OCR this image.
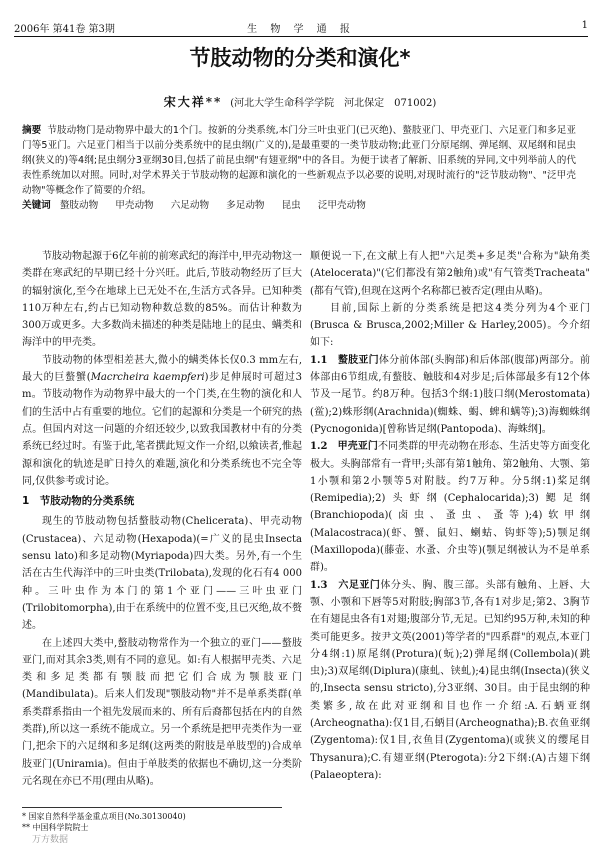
2006年 第41卷 第3期	生 物 学 通 报	1
节肢动物的分类和演化*
宋大祥** (河北大学生命科学学院　河北保定　071002)
摘要 节肢动物门是动物界中最大的1个门。按新的分类系统,本门分三叶虫亚门(已灭绝)、螯肢亚门、甲壳亚门、六足亚门和多足亚门等5亚门。六足亚门相当于以前分类系统中的昆虫纲(广义的),是最重要的一类节肢动物;此亚门分原尾纲、弹尾纲、双尾纲和昆虫纲(狭义的)等4纲;昆虫纲分3亚纲30目,包括了前昆虫纲"有翅亚纲"中的各目。为便于读者了解新、旧系统的异同,文中列举前人的代表性系统加以对照。同时,对学术界关于节肢动物的起源和演化的一些新观点予以必要的说明,对现时流行的"泛节肢动物"、"泛甲壳动物"等概念作了简要的介绍。
关键词 螯肢动物 甲壳动物 六足动物 多足动物 昆虫 泛甲壳动物

节肢动物起源于6亿年前的前寒武纪的海洋中,甲壳动物这一类群在寒武纪的早期已经十分兴旺。此后,节肢动物经历了巨大的辐射演化,至今在地球上已无处不在,生活方式各异。已知种类110万种左右,约占已知动物种数总数的85%。而估计种数为300万或更多。大多数尚未描述的种类是陆地上的昆虫、螨类和海洋中的甲壳类。

节肢动物的体型相差甚大,微小的螨类体长仅0.3 mm左右,最大的巨螯蟹(Macrcheira kaempferi)步足伸展时可超过3 m。节肢动物作为动物界中最大的一个门类,在生物的演化和人们的生活中占有重要的地位。它们的起源和分类是一个研究的热点。但国内对这一问题的介绍还较少,以致我国教材中有的分类系统已经过时。有鉴于此,笔者撰此短文作一介绍,以飨读者,惟起源和演化的轨迹是旷日持久的难题,演化和分类系统也不完全等同,仅供参考或讨论。

1　节肢动物的分类系统

现生的节肢动物包括螯肢动物(Chelicerata)、甲壳动物(Crustacea)、六足动物(Hexapoda)(=广义的昆虫Insecta sensu lato)和多足动物(Myriapoda)四大类。另外,有一个生活在古生代海洋中的三叶虫类(Trilobata),发现的化石有4 000种。三叶虫作为本门的第1个亚门——三叶虫亚门(Trilobitomorpha),由于在系统中的位置不变,且已灭绝,故不赘述。

在上述四大类中,螯肢动物常作为一个独立的亚门——螯肢亚门,而对其余3类,则有不同的意见。如:有人根据甲壳类、六足类和多足类都有颚肢而把它们合成为颚肢亚门(Mandibulata)。后来人们发现"颚肢动物"并不是单系类群(单系类群系指由一个祖先发展而来的、所有后裔都包括在内的自然类群),所以这一系统不能成立。另一个系统是把甲壳类作为一亚门,把余下的六足纲和多足纲(这两类的附肢是单肢型的)合成单肢亚门(Uniramia)。但由于单肢类的依据也不确切,这一分类阶元名现在亦已不用(理由从略)。

顺便说一下,在文献上有人把"六足类+多足类"合称为"缺角类(Atelocerata)"(它们都没有第2触角)或"有气管类Tracheata"(都有气管),但现在这两个名称都已被否定(理由从略)。

目前,国际上新的分类系统是把这4类分列为4个亚门(Brusca & Brusca,2002;Miller & Harley,2005)。今介绍如下:

1.1　螯肢亚门体分前体部(头胸部)和后体部(腹部)两部分。前体部由6节组成,有螯肢、触肢和4对步足;后体部最多有12个体节及一尾节。约8万种。包括3个纲:1)肢口纲(Merostomata)(鲎);2)蛛形纲(Arachnida)(蜘蛛、蝎、蜱和螨等);3)海蜘蛛纲(Pycnogonida)[曾称皆足纲(Pantopoda)、海蛛纲]。

1.2　甲壳亚门不同类群的甲壳动物在形态、生活史等方面变化极大。头胸部常有一背甲;头部有第1触角、第2触角、大颚、第1小颚和第2小颚等5对附肢。约7万种。分5纲:1)桨足纲(Remipedia);2)头虾纲(Cephalocarida);3)鳃足纲(Branchiopoda)(卤虫、蚤虫、蚤等);4)软甲纲(Malacostraca)(虾、蟹、鼠妇、蝲蛄、钩虾等);5)颚足纲(Maxillopoda)(藤壶、水蚤、介虫等)(颚足纲被认为不是单系群)。

1.3　六足亚门体分头、胸、腹三部。头部有触角、上唇、大颚、小颚和下唇等5对附肢;胸部3节,各有1对步足;第2、3胸节在有翅昆虫各有1对翅;腹部分节,无足。已知约95万种,未知的种类可能更多。按尹文英(2001)等学者的"四系群"的观点,本亚门分4纲:1)原尾纲(Protura)(蚖);2)弹尾纲(Collembola)(跳虫);3)双尾纲(Diplura)(康虬、铗虬);4)昆虫纲(Insecta)(狭义的,Insecta sensu stricto),分3亚纲、30目。由于昆虫纲的种类繁多,故在此对亚纲和目也作一介绍:A.石蛃亚纲(Archeognatha):仅1目,石蛃目(Archeognatha);B.衣鱼亚纲(Zygentoma):仅1目,衣鱼目(Zygentoma)(或狭义的缨尾目Thysanura);C.有翅亚纲(Pterogota):分2下纲:(A)古翅下纲(Palaeoptera):

* 国家自然科学基金重点项目(No.30130040)
** 中国科学院院士
万方数据
